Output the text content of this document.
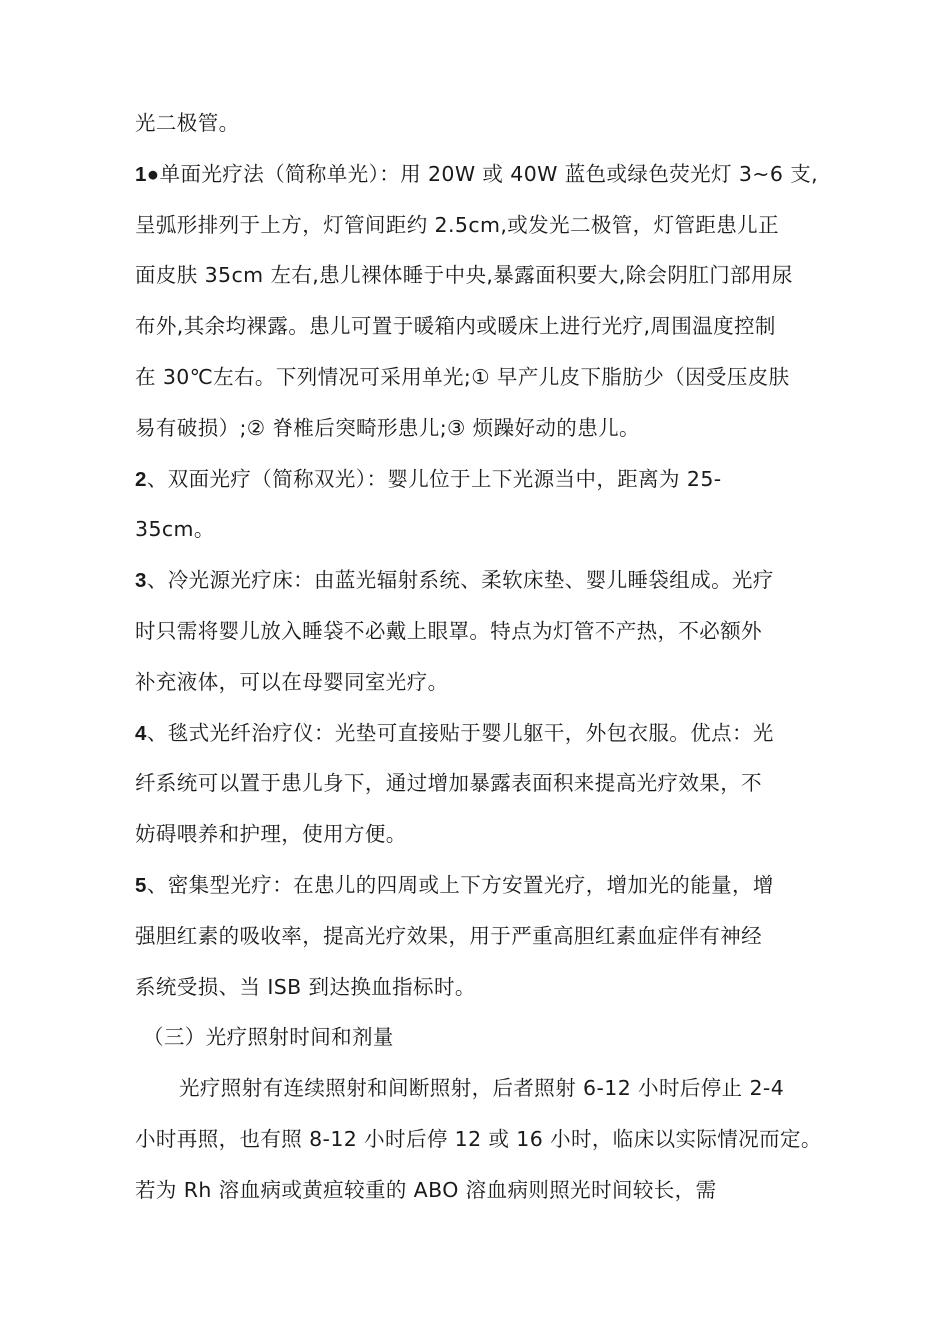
光二极管。
1●单面光疗法（简称单光）：用 20W 或 40W 蓝色或绿色荧光灯 3~6 支,
呈弧形排列于上方，灯管间距约 2.5cm,或发光二极管，灯管距患儿正
面皮肤 35cm 左右,患儿裸体睡于中央,暴露面积要大,除会阴肛门部用尿
布外,其余均裸露。患儿可置于暖箱内或暖床上进行光疗,周围温度控制
在 30℃左右。下列情况可采用单光;① 早产儿皮下脂肪少（因受压皮肤
易有破损）;② 脊椎后突畸形患儿;③ 烦躁好动的患儿。
2、双面光疗（简称双光）：婴儿位于上下光源当中，距离为 25-
35cm。
3、冷光源光疗床：由蓝光辐射系统、柔软床垫、婴儿睡袋组成。光疗
时只需将婴儿放入睡袋不必戴上眼罩。特点为灯管不产热，不必额外
补充液体，可以在母婴同室光疗。
4、毯式光纤治疗仪：光垫可直接贴于婴儿躯干，外包衣服。优点：光
纤系统可以置于患儿身下，通过增加暴露表面积来提高光疗效果，不
妨碍喂养和护理，使用方便。
5、密集型光疗：在患儿的四周或上下方安置光疗，增加光的能量，增
强胆红素的吸收率，提高光疗效果，用于严重高胆红素血症伴有神经
系统受损、当 ISB 到达换血指标时。
（三）光疗照射时间和剂量
光疗照射有连续照射和间断照射，后者照射 6-12 小时后停止 2-4
小时再照，也有照 8-12 小时后停 12 或 16 小时，临床以实际情况而定。
若为 Rh 溶血病或黄疸较重的 ABO 溶血病则照光时间较长，需
